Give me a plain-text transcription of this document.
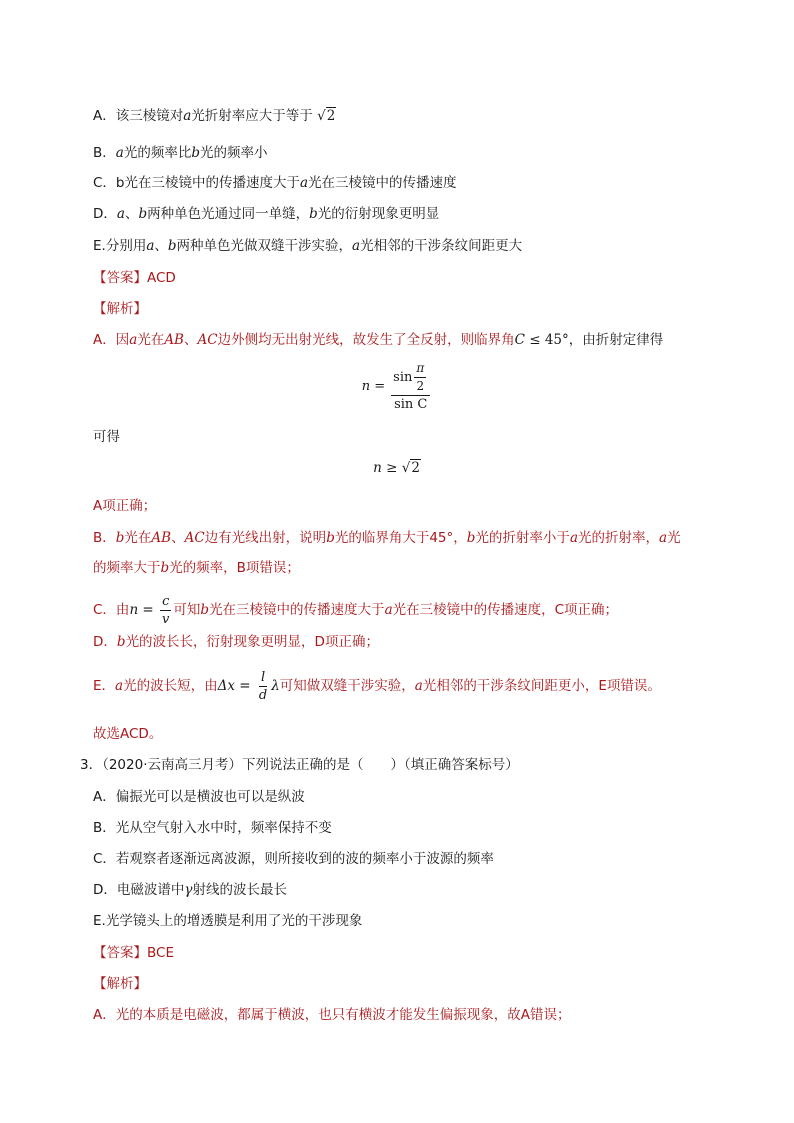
A．该三棱镜对a光折射率应大于等于 √2
B．a光的频率比b光的频率小
C．b光在三棱镜中的传播速度大于a光在三棱镜中的传播速度
D．a、b两种单色光通过同一单缝，b光的衍射现象更明显
E.分别用a、b两种单色光做双缝干涉实验，a光相邻的干涉条纹间距更大
【答案】ACD
【解析】
A．因a光在AB、AC边外侧均无出射光线，故发生了全反射，则临界角C ≤ 45°，由折射定律得
$n = \frac{\sin \frac{\pi}{2}}{\text{sin C}}$
可得
n ≥ √2
A项正确；
B．b光在AB、AC边有光线出射，说明b光的临界角大于45°，b光的折射率小于a光的折射率，a光
的频率大于b光的频率，B项错误；
C．由$n = \frac{c}{v}$ 可知b光在三棱镜中的传播速度大于a光在三棱镜中的传播速度，C项正确；
D．b光的波长长，衍射现象更明显，D项正确；
E．a光的波长短，由$\Delta x = \frac{l}{d}$ λ可知做双缝干涉实验，a光相邻的干涉条纹间距更小，E项错误。
故选ACD。
3．（2020·云南高三月考）下列说法正确的是（　　）（填正确答案标号）
A．偏振光可以是横波也可以是纵波
B．光从空气射入水中时，频率保持不变
C．若观察者逐渐远离波源，则所接收到的波的频率小于波源的频率
D．电磁波谱中γ射线的波长最长
E.光学镜头上的增透膜是利用了光的干涉现象
【答案】BCE
【解析】
A．光的本质是电磁波，都属于横波，也只有横波才能发生偏振现象，故A错误；
